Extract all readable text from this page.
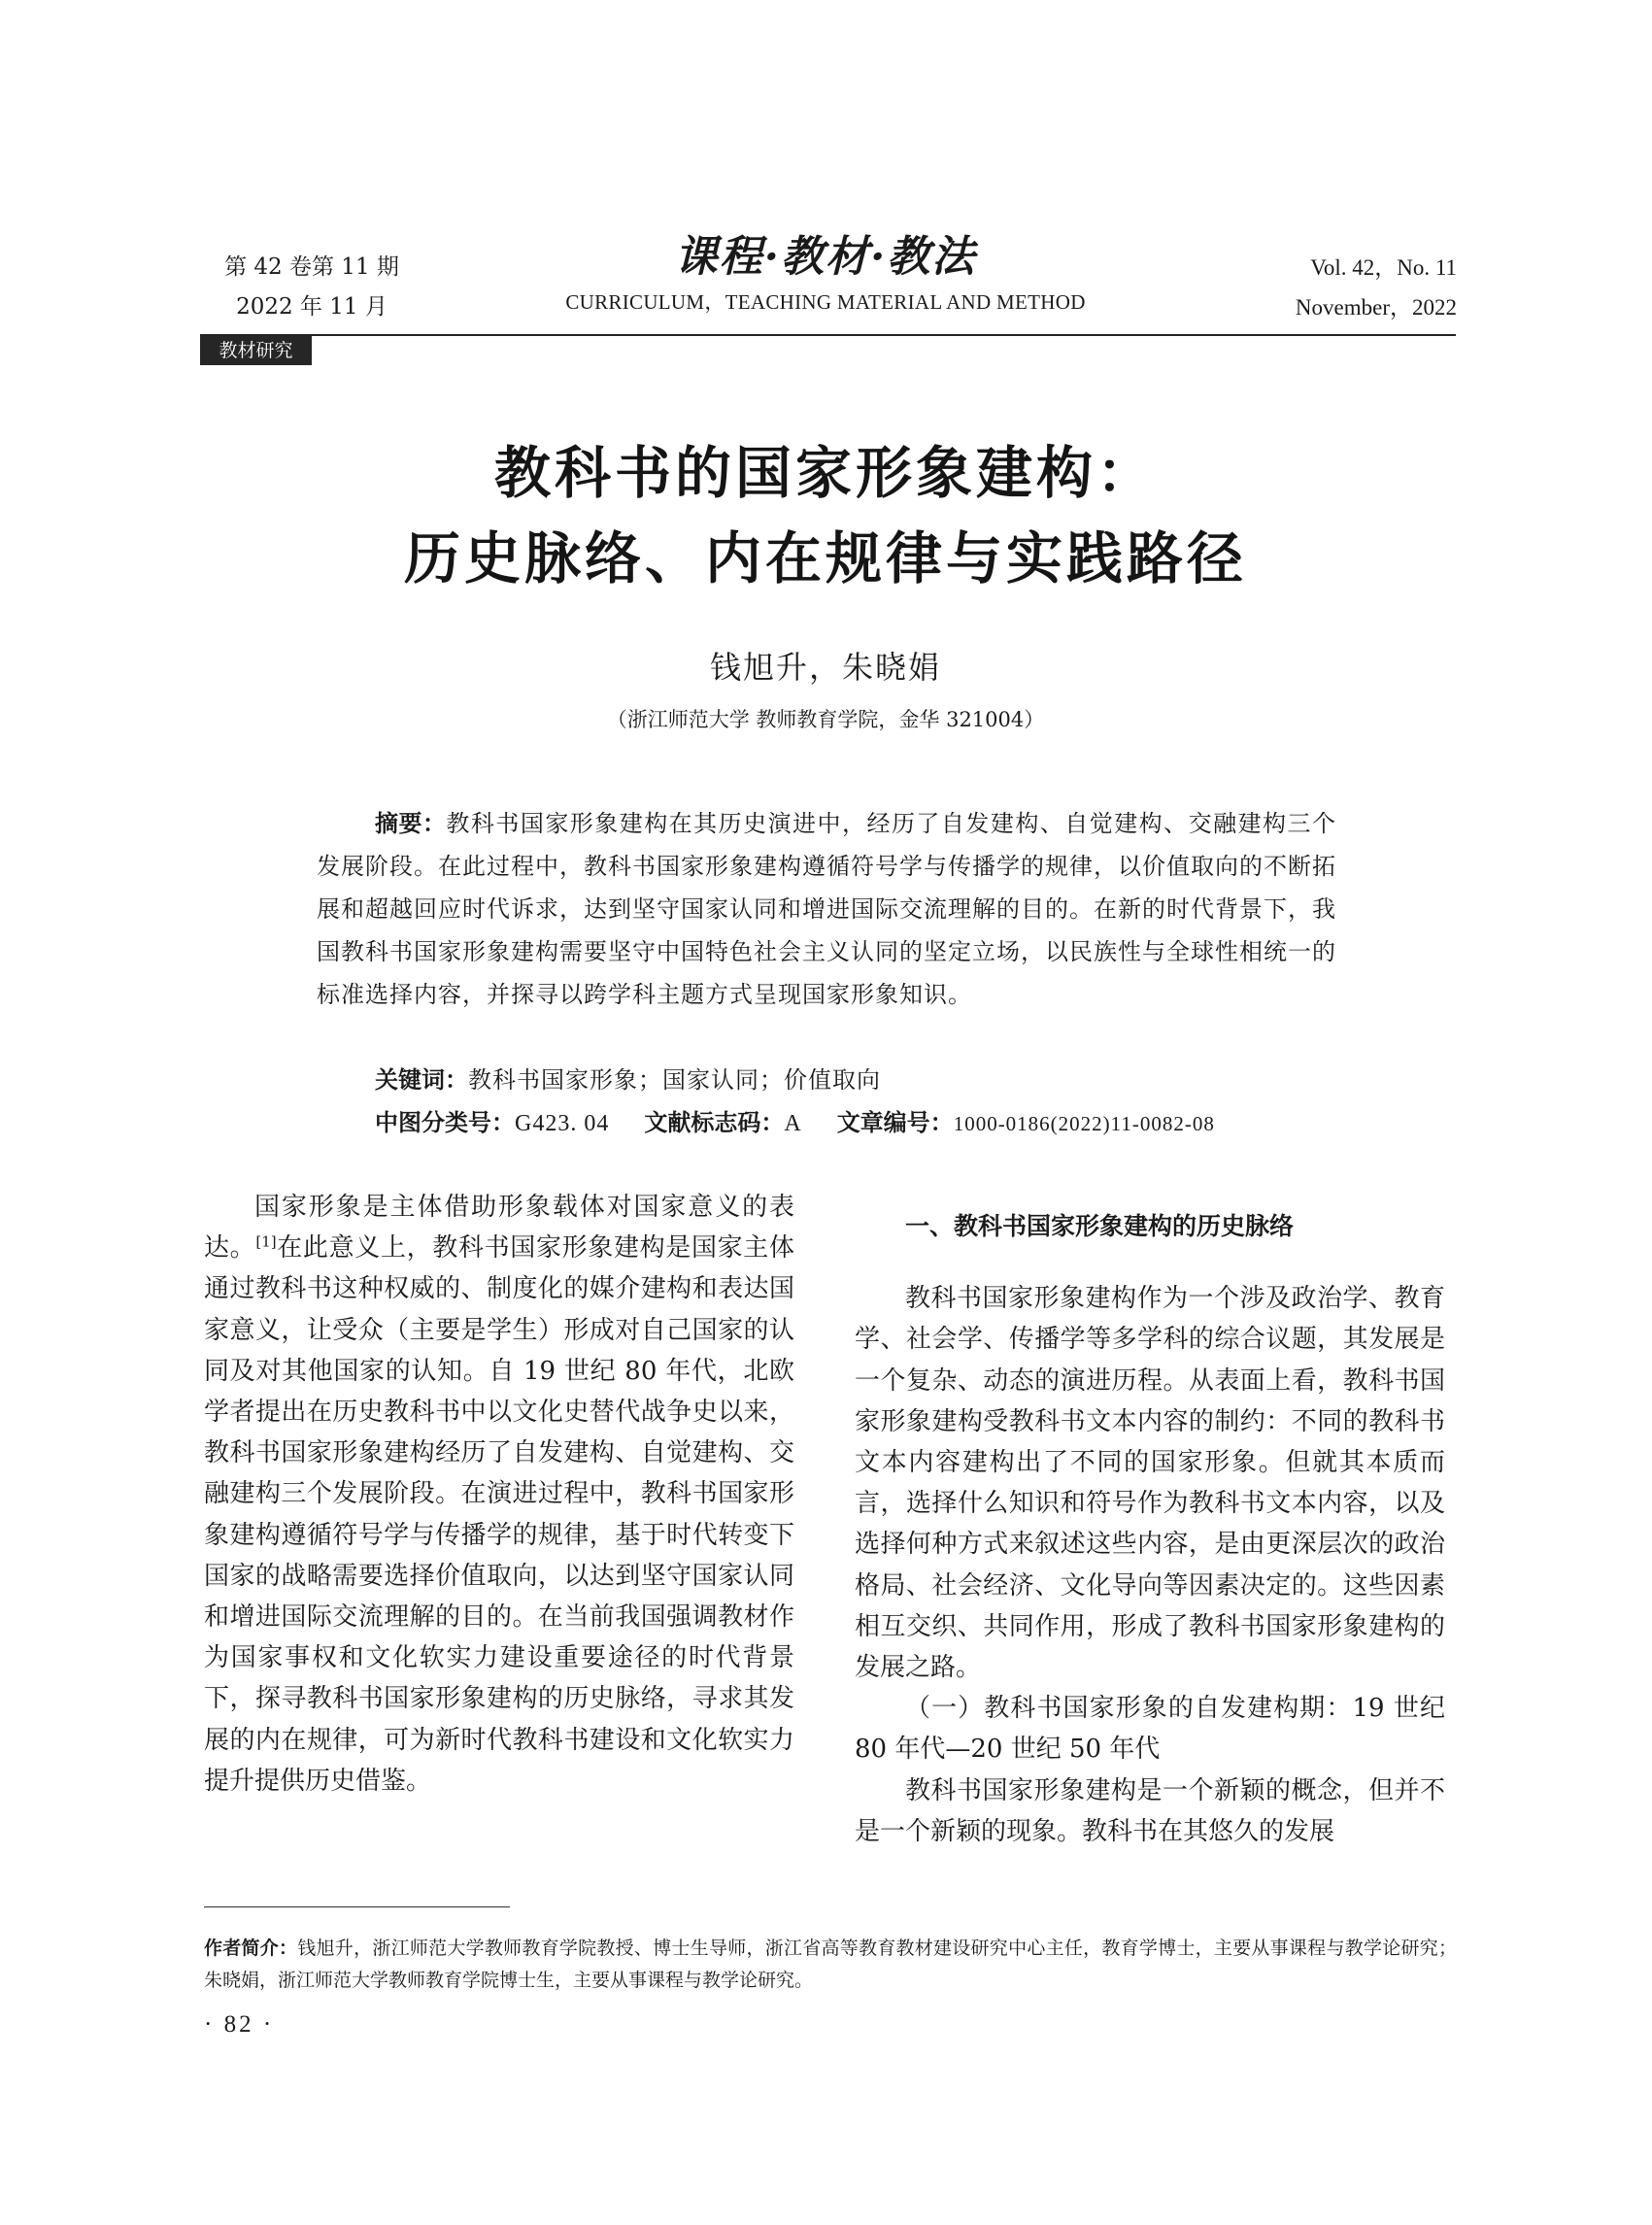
第 42 卷第 11 期
2022 年 11 月
课程·教材·教法
CURRICULUM，TEACHING MATERIAL AND METHOD
Vol. 42，No. 11
November，2022
教材研究
教科书的国家形象建构：
历史脉络、内在规律与实践路径
钱旭升，朱晓娟
（浙江师范大学 教师教育学院，金华 321004）
摘要：教科书国家形象建构在其历史演进中，经历了自发建构、自觉建构、交融建构三个发展阶段。在此过程中，教科书国家形象建构遵循符号学与传播学的规律，以价值取向的不断拓展和超越回应时代诉求，达到坚守国家认同和增进国际交流理解的目的。在新的时代背景下，我国教科书国家形象建构需要坚守中国特色社会主义认同的坚定立场，以民族性与全球性相统一的标准选择内容，并探寻以跨学科主题方式呈现国家形象知识。
关键词：教科书国家形象；国家认同；价值取向
中图分类号：G423. 04 文献标志码：A 文章编号：1000-0186(2022)11-0082-08

国家形象是主体借助形象载体对国家意义的表达。[1]在此意义上，教科书国家形象建构是国家主体通过教科书这种权威的、制度化的媒介建构和表达国家意义，让受众（主要是学生）形成对自己国家的认同及对其他国家的认知。自 19 世纪 80 年代，北欧学者提出在历史教科书中以文化史替代战争史以来，教科书国家形象建构经历了自发建构、自觉建构、交融建构三个发展阶段。在演进过程中，教科书国家形象建构遵循符号学与传播学的规律，基于时代转变下国家的战略需要选择价值取向，以达到坚守国家认同和增进国际交流理解的目的。在当前我国强调教材作为国家事权和文化软实力建设重要途径的时代背景下，探寻教科书国家形象建构的历史脉络，寻求其发展的内在规律，可为新时代教科书建设和文化软实力提升提供历史借鉴。

一、教科书国家形象建构的历史脉络

教科书国家形象建构作为一个涉及政治学、教育学、社会学、传播学等多学科的综合议题，其发展是一个复杂、动态的演进历程。从表面上看，教科书国家形象建构受教科书文本内容的制约：不同的教科书文本内容建构出了不同的国家形象。但就其本质而言，选择什么知识和符号作为教科书文本内容，以及选择何种方式来叙述这些内容，是由更深层次的政治格局、社会经济、文化导向等因素决定的。这些因素相互交织、共同作用，形成了教科书国家形象建构的发展之路。

（一）教科书国家形象的自发建构期：19 世纪 80 年代—20 世纪 50 年代

教科书国家形象建构是一个新颖的概念，但并不是一个新颖的现象。教科书在其悠久的发展

作者简介：钱旭升，浙江师范大学教师教育学院教授、博士生导师，浙江省高等教育教材建设研究中心主任，教育学博士，主要从事课程与教学论研究；朱晓娟，浙江师范大学教师教育学院博士生，主要从事课程与教学论研究。
· 82 ·
